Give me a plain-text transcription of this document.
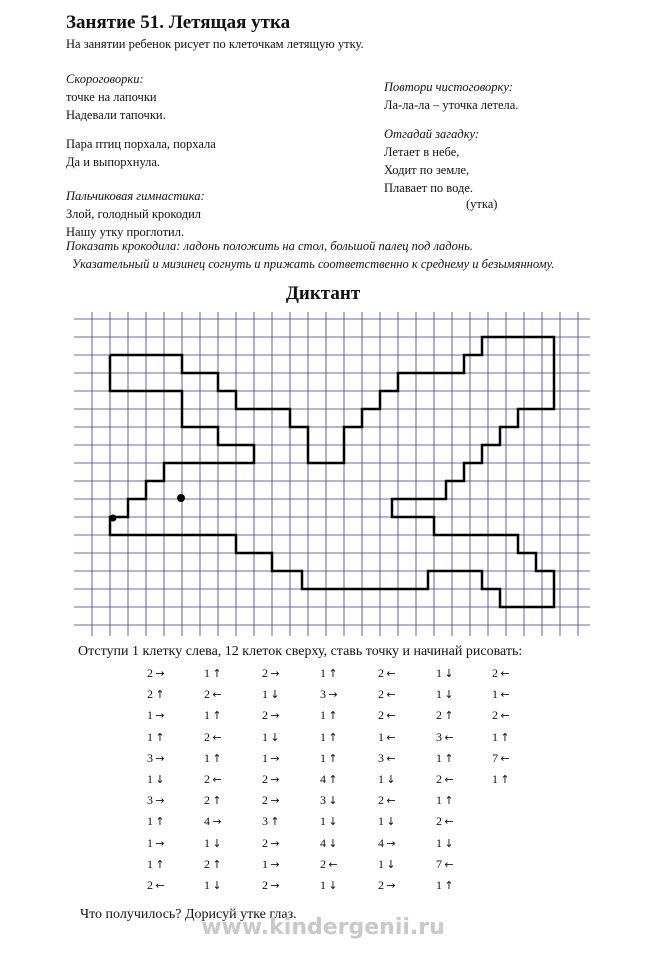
Занятие 51. Летящая утка
На занятии ребенок рисует по клеточкам летящую утку.
Скороговорки:
точке на лапочки
Надевали тапочки.
Пара птиц порхала, порхала
Да и выпорхнула.
Пальчиковая гимнастика:
Злой, голодный крокодил
Нашу утку проглотил.
Показать крокодила: ладонь положить на стол, большой палец под ладонь.
Указательный и мизинец согнуть и прижать соответственно к среднему и безымянному.
Повтори чистоговорку:
Ла-ла-ла – уточка летела.
Отгадай загадку:
Летает в небе,
Ходит по земле,
Плавает по воде.
(утка)
Диктант
Отступи 1 клетку слева, 12 клеток сверху, ставь точку и начинай рисовать:
2 →
2 ↑
1 →
1 ↑
3 →
1 ↓
3 →
1 ↑
1 →
1 ↑
2 ←
1 ↑
2 ←
1 ↑
2 ←
1 ↑
2 ←
2 ↑
4 →
1 ↓
2 ↑
1 ↓
2 →
1 ↓
2 →
1 ↓
1 →
2 →
2 →
3 ↑
2 →
1 →
2 →
1 ↑
3 →
1 ↑
1 ↑
1 ↑
4 ↑
3 ↓
1 ↓
4 ↓
2 ←
1 ↓
2 ←
2 ←
2 ←
1 ←
3 ←
1 ↓
2 ←
1 ↓
4 →
1 ↓
2 →
1 ↓
1 ↓
2 ↑
3 ←
1 ↑
2 ←
1 ↑
2 ←
1 ↓
7 ←
1 ↑
2 ←
1 ←
2 ←
1 ↑
7 ←
1 ↑
Что получилось? Дорисуй утке глаз.
www.kindergenii.ru
